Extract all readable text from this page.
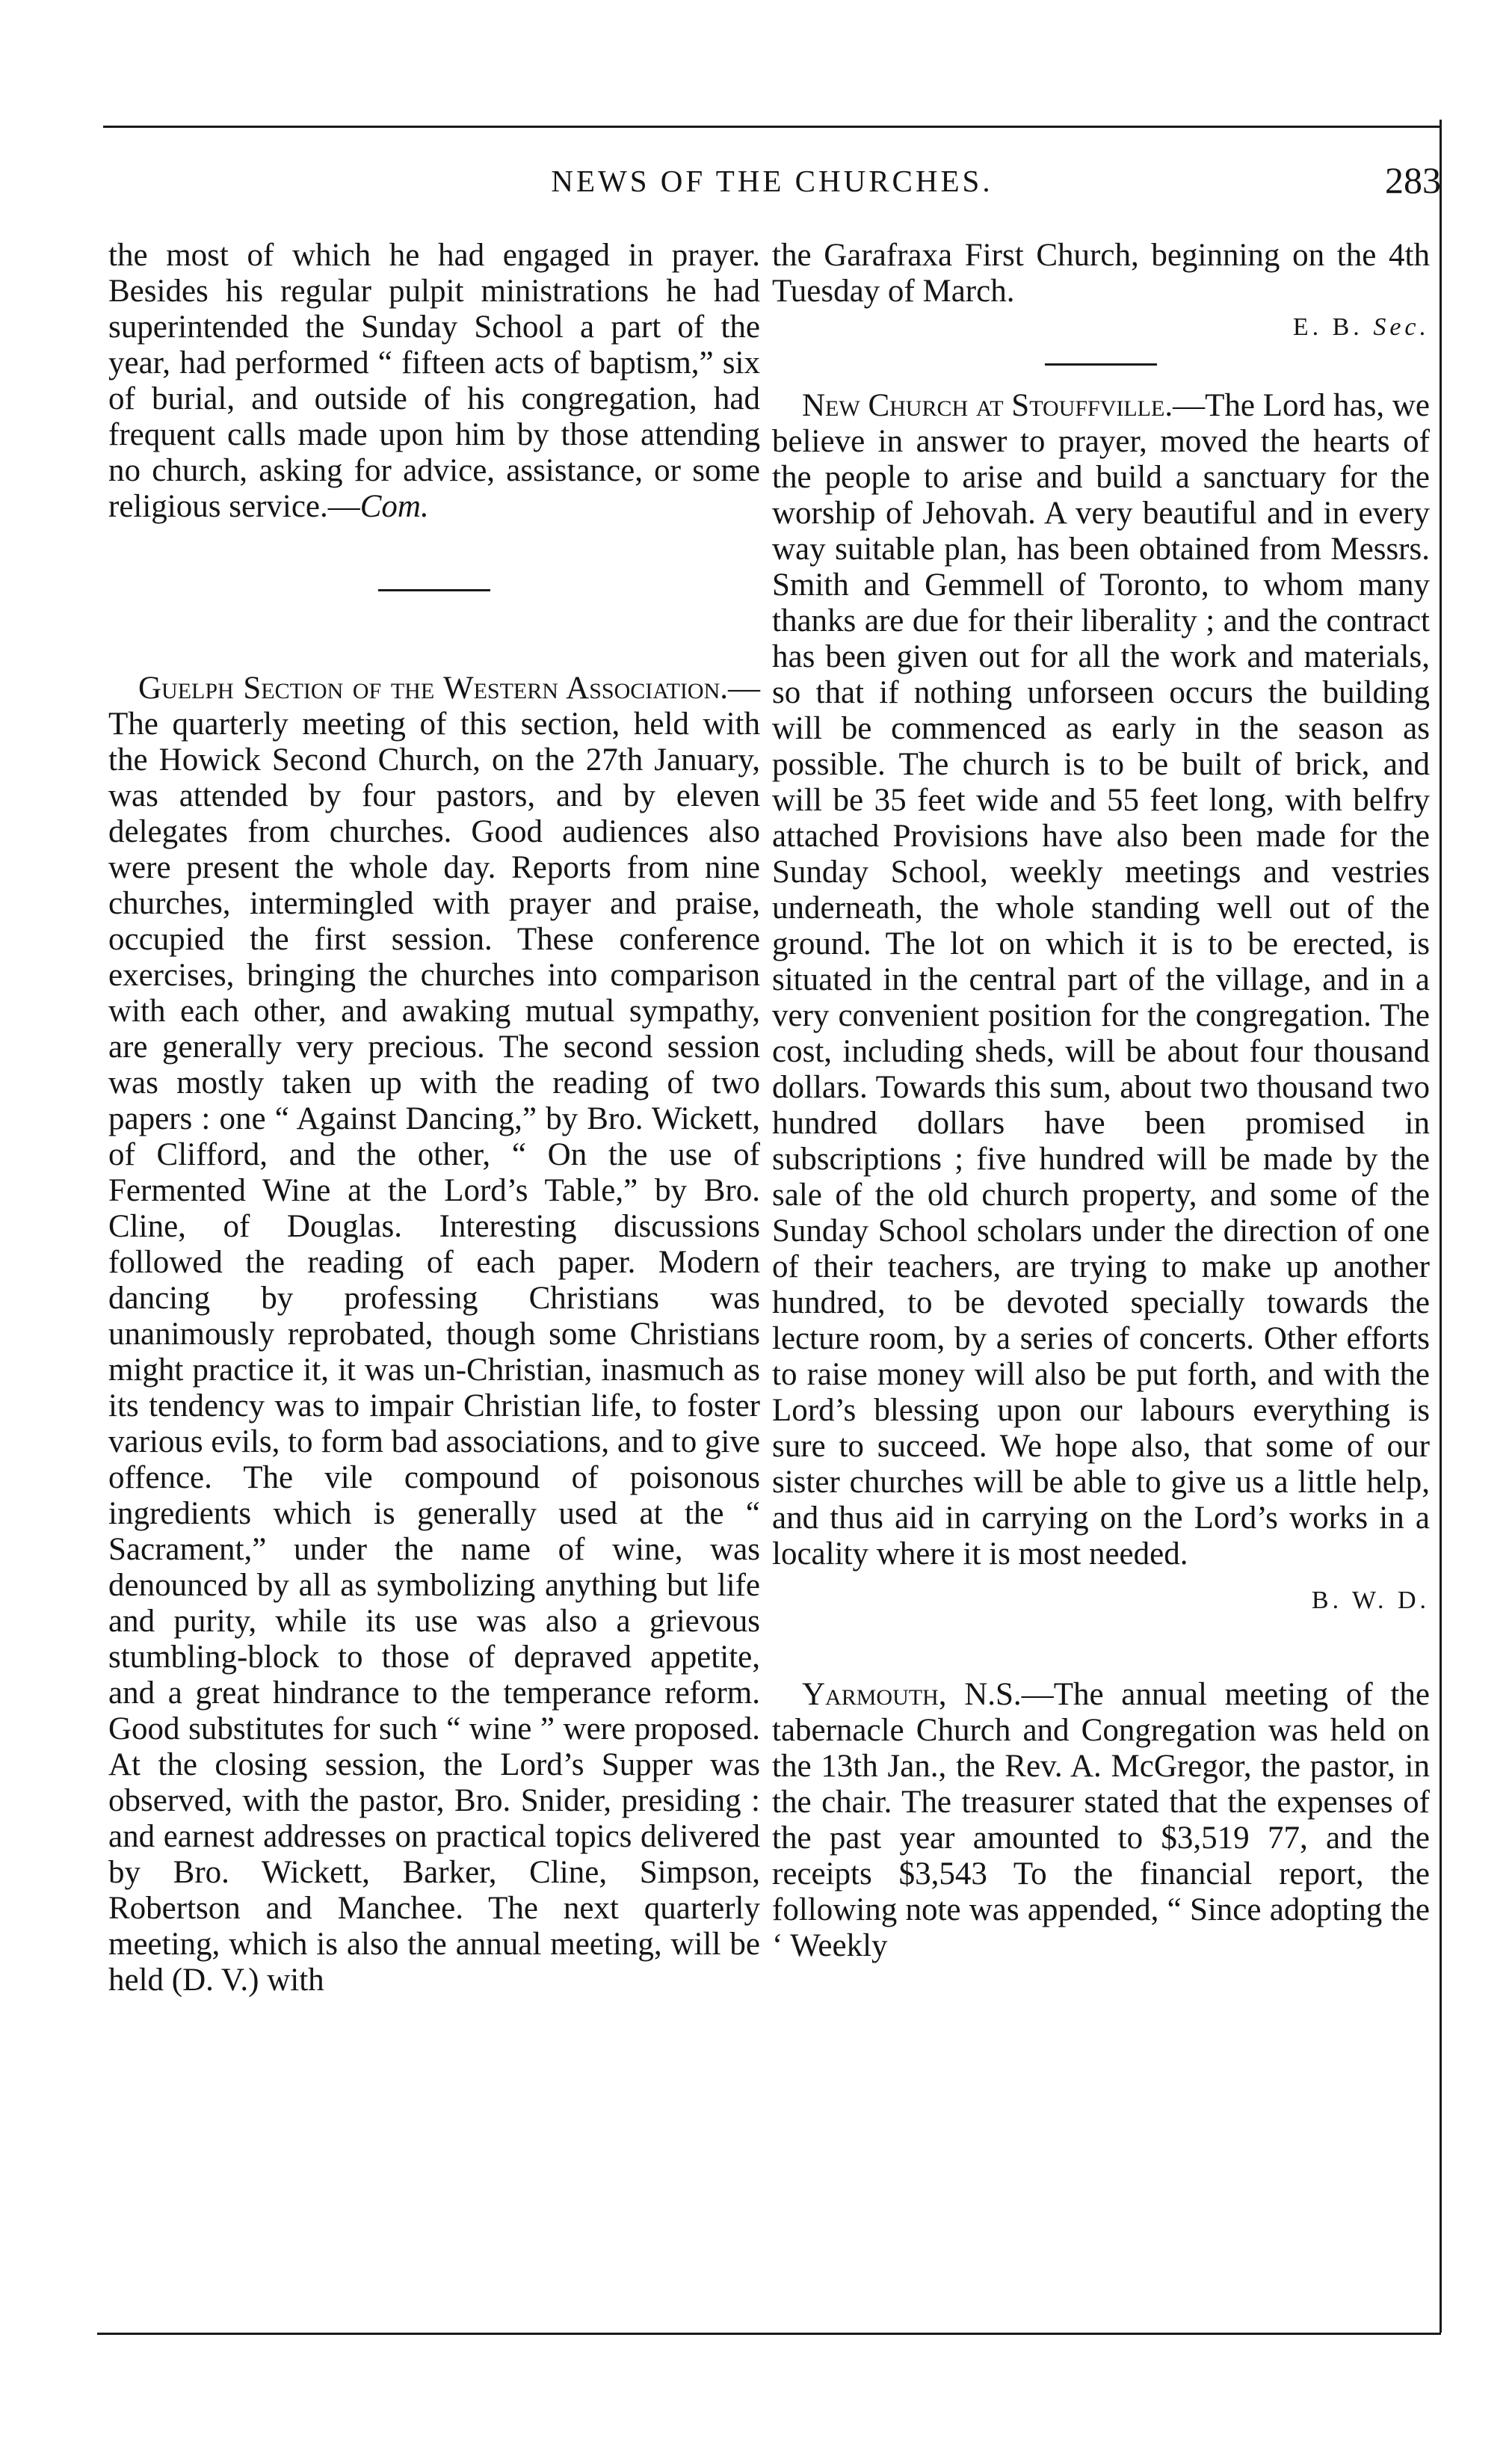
NEWS OF THE CHURCHES.	283

the most of which he had engaged in prayer. Besides his regular pulpit ministrations he had superintended the Sunday School a part of the year, had performed “ fifteen acts of baptism,” six of burial, and outside of his congregation, had frequent calls made upon him by those attending no church, asking for advice, assistance, or some religious service.—Com.

Guelph Section of the Western Association.—The quarterly meeting of this section, held with the Howick Second Church, on the 27th January, was attended by four pastors, and by eleven delegates from churches. Good audiences also were present the whole day. Reports from nine churches, intermingled with prayer and praise, occupied the first session. These conference exercises, bringing the churches into comparison with each other, and awaking mutual sympathy, are generally very precious. The second session was mostly taken up with the reading of two papers : one “ Against Dancing,” by Bro. Wickett, of Clifford, and the other, “ On the use of Fermented Wine at the Lord’s Table,” by Bro. Cline, of Douglas. Interesting discussions followed the reading of each paper. Modern dancing by professing Christians was unanimously reprobated, though some Christians might practice it, it was un-Christian, inasmuch as its tendency was to impair Christian life, to foster various evils, to form bad associations, and to give offence. The vile compound of poisonous ingredients which is generally used at the “ Sacrament,” under the name of wine, was denounced by all as symbolizing anything but life and purity, while its use was also a grievous stumbling-block to those of depraved appetite, and a great hindrance to the temperance reform. Good substitutes for such “ wine ” were proposed. At the closing session, the Lord’s Supper was observed, with the pastor, Bro. Snider, presiding : and earnest addresses on practical topics delivered by Bro. Wickett, Barker, Cline, Simpson, Robertson and Manchee. The next quarterly meeting, which is also the annual meeting, will be held (D. V.) with

the Garafraxa First Church, beginning on the 4th Tuesday of March.

E. B. Sec.

New Church at Stouffville.—The Lord has, we believe in answer to prayer, moved the hearts of the people to arise and build a sanctuary for the worship of Jehovah. A very beautiful and in every way suitable plan, has been obtained from Messrs. Smith and Gemmell of Toronto, to whom many thanks are due for their liberality ; and the contract has been given out for all the work and materials, so that if nothing unforseen occurs the building will be commenced as early in the season as possible. The church is to be built of brick, and will be 35 feet wide and 55 feet long, with belfry attached Provisions have also been made for the Sunday School, weekly meetings and vestries underneath, the whole standing well out of the ground. The lot on which it is to be erected, is situated in the central part of the village, and in a very convenient position for the congregation. The cost, including sheds, will be about four thousand dollars. Towards this sum, about two thousand two hundred dollars have been promised in subscriptions ; five hundred will be made by the sale of the old church property, and some of the Sunday School scholars under the direction of one of their teachers, are trying to make up another hundred, to be devoted specially towards the lecture room, by a series of concerts. Other efforts to raise money will also be put forth, and with the Lord’s blessing upon our labours everything is sure to succeed. We hope also, that some of our sister churches will be able to give us a little help, and thus aid in carrying on the Lord’s works in a locality where it is most needed.

B. W. D.

Yarmouth, N.S.—The annual meeting of the tabernacle Church and Congregation was held on the 13th Jan., the Rev. A. McGregor, the pastor, in the chair. The treasurer stated that the expenses of the past year amounted to $3,519 77, and the receipts $3,543 To the financial report, the following note was appended, “ Since adopting the ‘ Weekly
